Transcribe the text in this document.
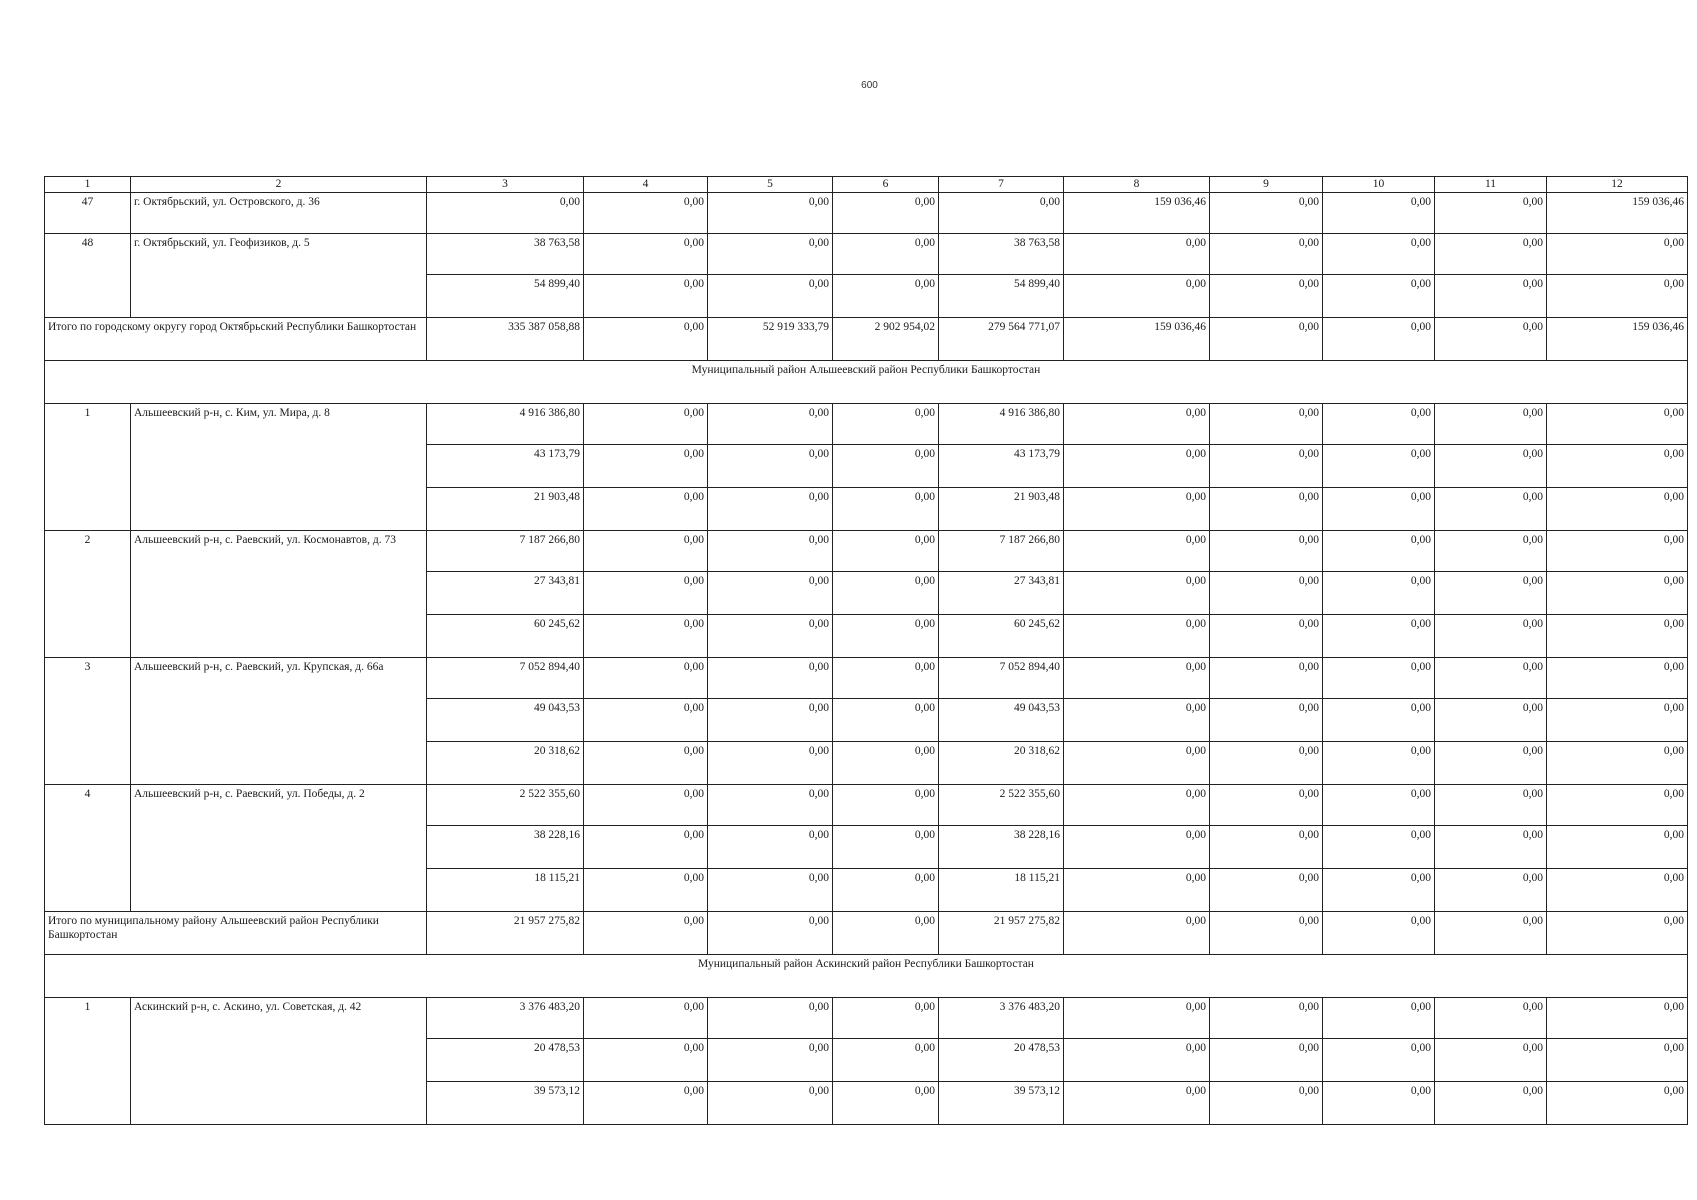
600
1	2	3	4	5	6	7	8	9	10	11	12
47	г. Октябрьский, ул. Островского, д. 36	0,00	0,00	0,00	0,00	0,00	159 036,46	0,00	0,00	0,00	159 036,46
48	г. Октябрьский, ул. Геофизиков, д. 5	38 763,58	0,00	0,00	0,00	38 763,58	0,00	0,00	0,00	0,00	0,00
		54 899,40	0,00	0,00	0,00	54 899,40	0,00	0,00	0,00	0,00	0,00
Итого по городскому округу город Октябрьский Республики Башкортостан		335 387 058,88	0,00	52 919 333,79	2 902 954,02	279 564 771,07	159 036,46	0,00	0,00	0,00	159 036,46
Муниципальный район Альшеевский район Республики Башкортостан											
1	Альшеевский р-н, с. Ким, ул. Мира, д. 8	4 916 386,80	0,00	0,00	0,00	4 916 386,80	0,00	0,00	0,00	0,00	0,00
		43 173,79	0,00	0,00	0,00	43 173,79	0,00	0,00	0,00	0,00	0,00
		21 903,48	0,00	0,00	0,00	21 903,48	0,00	0,00	0,00	0,00	0,00
2	Альшеевский р-н, с. Раевский, ул. Космонавтов, д. 73	7 187 266,80	0,00	0,00	0,00	7 187 266,80	0,00	0,00	0,00	0,00	0,00
		27 343,81	0,00	0,00	0,00	27 343,81	0,00	0,00	0,00	0,00	0,00
		60 245,62	0,00	0,00	0,00	60 245,62	0,00	0,00	0,00	0,00	0,00
3	Альшеевский р-н, с. Раевский, ул. Крупская, д. 66а	7 052 894,40	0,00	0,00	0,00	7 052 894,40	0,00	0,00	0,00	0,00	0,00
		49 043,53	0,00	0,00	0,00	49 043,53	0,00	0,00	0,00	0,00	0,00
		20 318,62	0,00	0,00	0,00	20 318,62	0,00	0,00	0,00	0,00	0,00
4	Альшеевский р-н, с. Раевский, ул. Победы, д. 2	2 522 355,60	0,00	0,00	0,00	2 522 355,60	0,00	0,00	0,00	0,00	0,00
		38 228,16	0,00	0,00	0,00	38 228,16	0,00	0,00	0,00	0,00	0,00
		18 115,21	0,00	0,00	0,00	18 115,21	0,00	0,00	0,00	0,00	0,00
Итого по муниципальному району Альшеевский район Республики Башкортостан		21 957 275,82	0,00	0,00	0,00	21 957 275,82	0,00	0,00	0,00	0,00	0,00
Муниципальный район Аскинский район Республики Башкортостан											
1	Аскинский р-н, с. Аскино, ул. Советская, д. 42	3 376 483,20	0,00	0,00	0,00	3 376 483,20	0,00	0,00	0,00	0,00	0,00
		20 478,53	0,00	0,00	0,00	20 478,53	0,00	0,00	0,00	0,00	0,00
		39 573,12	0,00	0,00	0,00	39 573,12	0,00	0,00	0,00	0,00	0,00
